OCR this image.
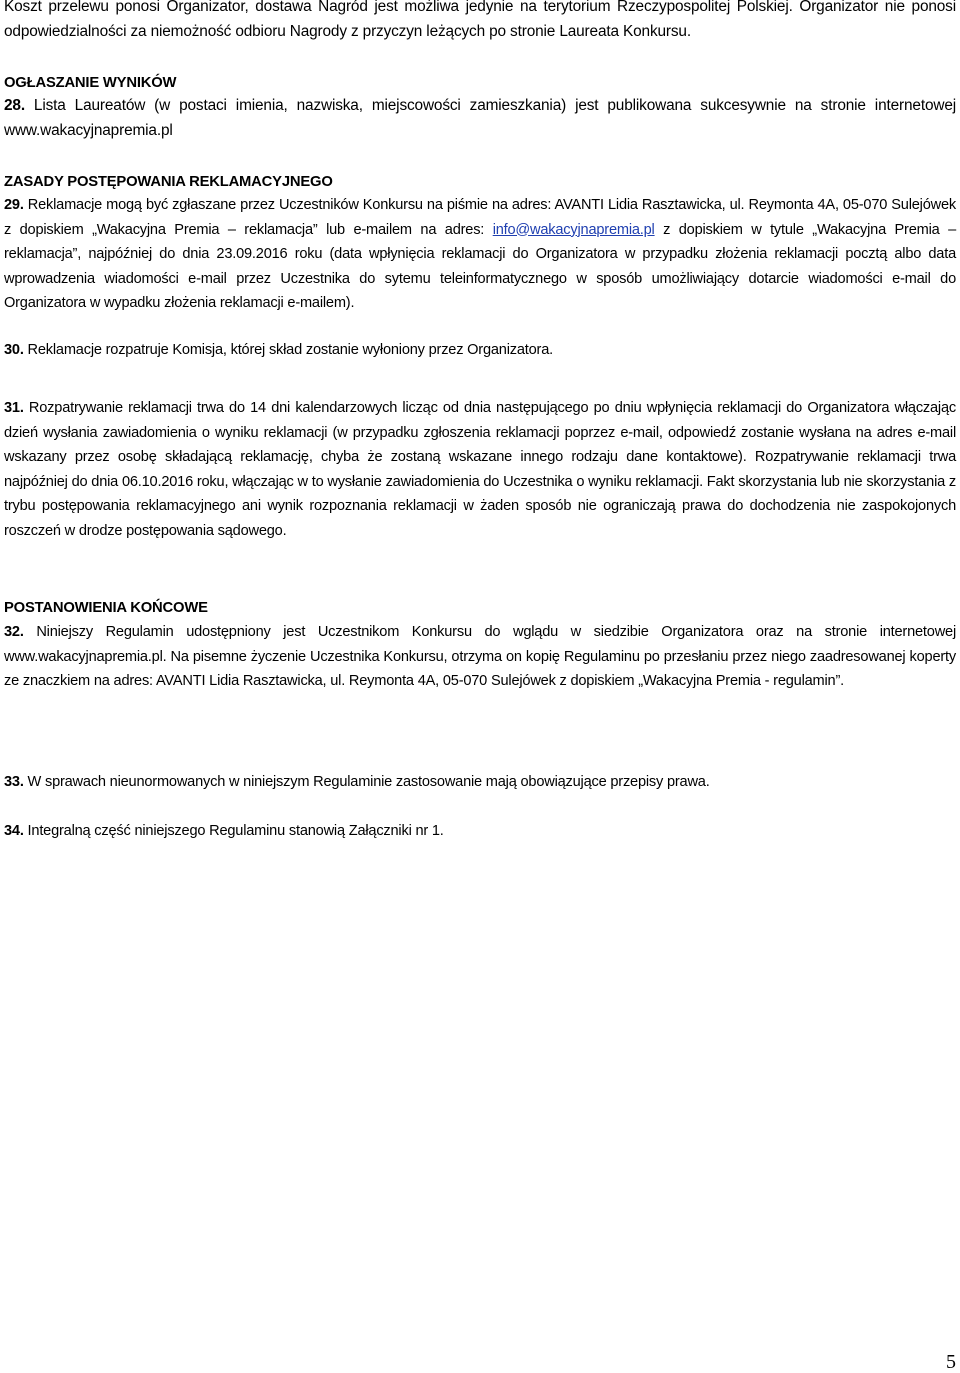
Koszt przelewu ponosi Organizator, dostawa Nagród jest możliwa jedynie na terytorium Rzeczypospolitej Polskiej. Organizator nie ponosi odpowiedzialności za niemożność odbioru Nagrody z przyczyn leżących po stronie Laureata Konkursu.

OGŁASZANIE WYNIKÓW

28. Lista Laureatów (w postaci imienia, nazwiska, miejscowości zamieszkania) jest publikowana sukcesywnie na stronie internetowej www.wakacyjnapremia.pl

ZASADY POSTĘPOWANIA REKLAMACYJNEGO

29. Reklamacje mogą być zgłaszane przez Uczestników Konkursu na piśmie na adres: AVANTI Lidia Rasztawicka, ul. Reymonta 4A, 05-070 Sulejówek z dopiskiem „Wakacyjna Premia – reklamacja” lub e-mailem na adres: info@wakacyjnapremia.pl z dopiskiem w tytule „Wakacyjna Premia – reklamacja”, najpóźniej do dnia 23.09.2016 roku (data wpłynięcia reklamacji do Organizatora w przypadku złożenia reklamacji pocztą albo data wprowadzenia wiadomości e-mail przez Uczestnika do sytemu teleinformatycznego w sposób umożliwiający dotarcie wiadomości e-mail do Organizatora w wypadku złożenia reklamacji e-mailem).

30. Reklamacje rozpatruje Komisja, której skład zostanie wyłoniony przez Organizatora.

31. Rozpatrywanie reklamacji trwa do 14 dni kalendarzowych licząc od dnia następującego po dniu wpłynięcia reklamacji do Organizatora włączając dzień wysłania zawiadomienia o wyniku reklamacji (w przypadku zgłoszenia reklamacji poprzez e-mail, odpowiedź zostanie wysłana na adres e-mail wskazany przez osobę składającą reklamację, chyba że zostaną wskazane innego rodzaju dane kontaktowe). Rozpatrywanie reklamacji trwa najpóźniej do dnia 06.10.2016 roku, włączając w to wysłanie zawiadomienia do Uczestnika o wyniku reklamacji. Fakt skorzystania lub nie skorzystania z trybu postępowania reklamacyjnego ani wynik rozpoznania reklamacji w żaden sposób nie ograniczają prawa do dochodzenia nie zaspokojonych roszczeń w drodze postępowania sądowego.

POSTANOWIENIA KOŃCOWE

32. Niniejszy Regulamin udostępniony jest Uczestnikom Konkursu do wglądu w siedzibie Organizatora oraz na stronie internetowej www.wakacyjnapremia.pl. Na pisemne życzenie Uczestnika Konkursu, otrzyma on kopię Regulaminu po przesłaniu przez niego zaadresowanej koperty ze znaczkiem na adres: AVANTI Lidia Rasztawicka, ul. Reymonta 4A, 05-070 Sulejówek z dopiskiem „Wakacyjna Premia - regulamin”.

33. W sprawach nieunormowanych w niniejszym Regulaminie zastosowanie mają obowiązujące przepisy prawa.

34. Integralną część niniejszego Regulaminu stanowią Załączniki nr 1.

5
